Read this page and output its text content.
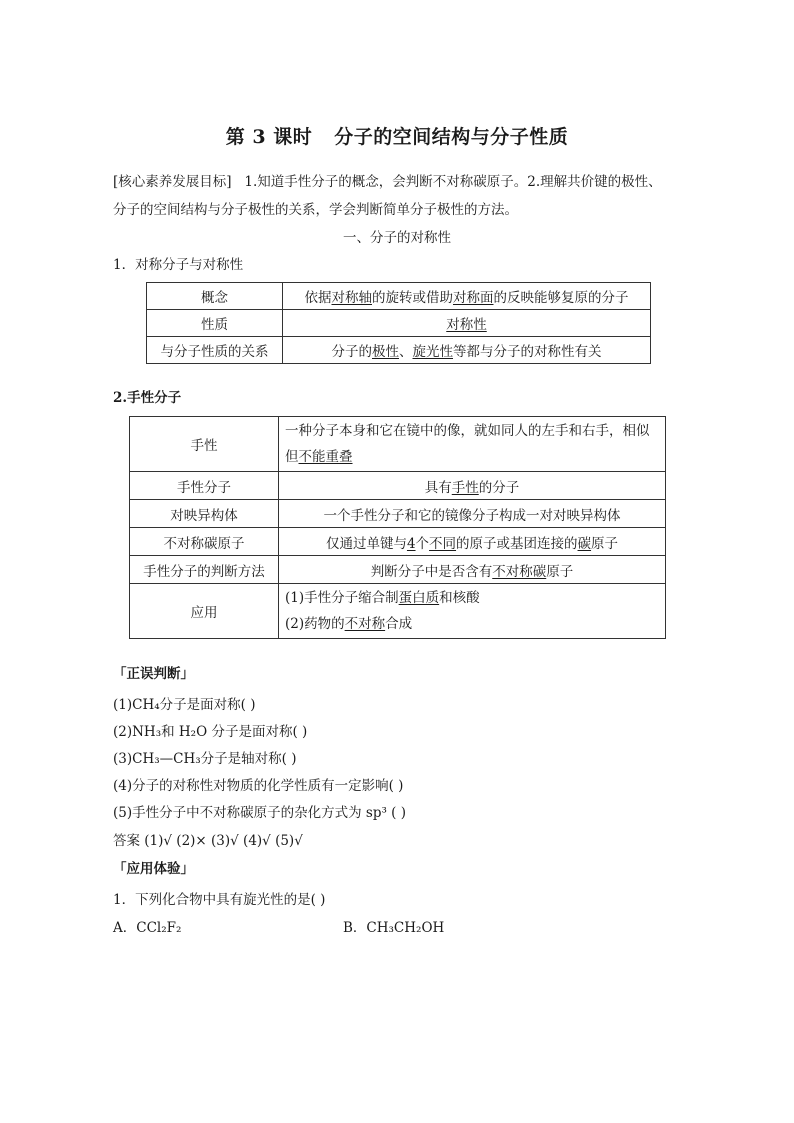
第 3 课时 分子的空间结构与分子性质
[核心素养发展目标] 1.知道手性分子的概念，会判断不对称碳原子。2.理解共价键的极性、
分子的空间结构与分子极性的关系，学会判断简单分子极性的方法。
一、分子的对称性
1．对称分子与对称性
概念	依据对称轴的旋转或借助对称面的反映能够复原的分子
性质	对称性
与分子性质的关系	分子的极性、旋光性等都与分子的对称性有关
2.手性分子
手性	一种分子本身和它在镜中的像，就如同人的左手和右手，相似
但不能重叠
手性分子	具有手性的分子
对映异构体	一个手性分子和它的镜像分子构成一对对映异构体
不对称碳原子	仅通过单键与4个不同的原子或基团连接的碳原子
手性分子的判断方法	判断分子中是否含有不对称碳原子
应用	(1)手性分子缩合制蛋白质和核酸
(2)药物的不对称合成
「正误判断」
(1)CH₄分子是面对称( )
(2)NH₃和 H₂O 分子是面对称( )
(3)CH₃—CH₃分子是轴对称( )
(4)分子的对称性对物质的化学性质有一定影响( )
(5)手性分子中不对称碳原子的杂化方式为 sp³ ( )
答案 (1)√ (2)× (3)√ (4)√ (5)√
「应用体验」
1．下列化合物中具有旋光性的是( )
A．CCl₂F₂	B．CH₃CH₂OH
